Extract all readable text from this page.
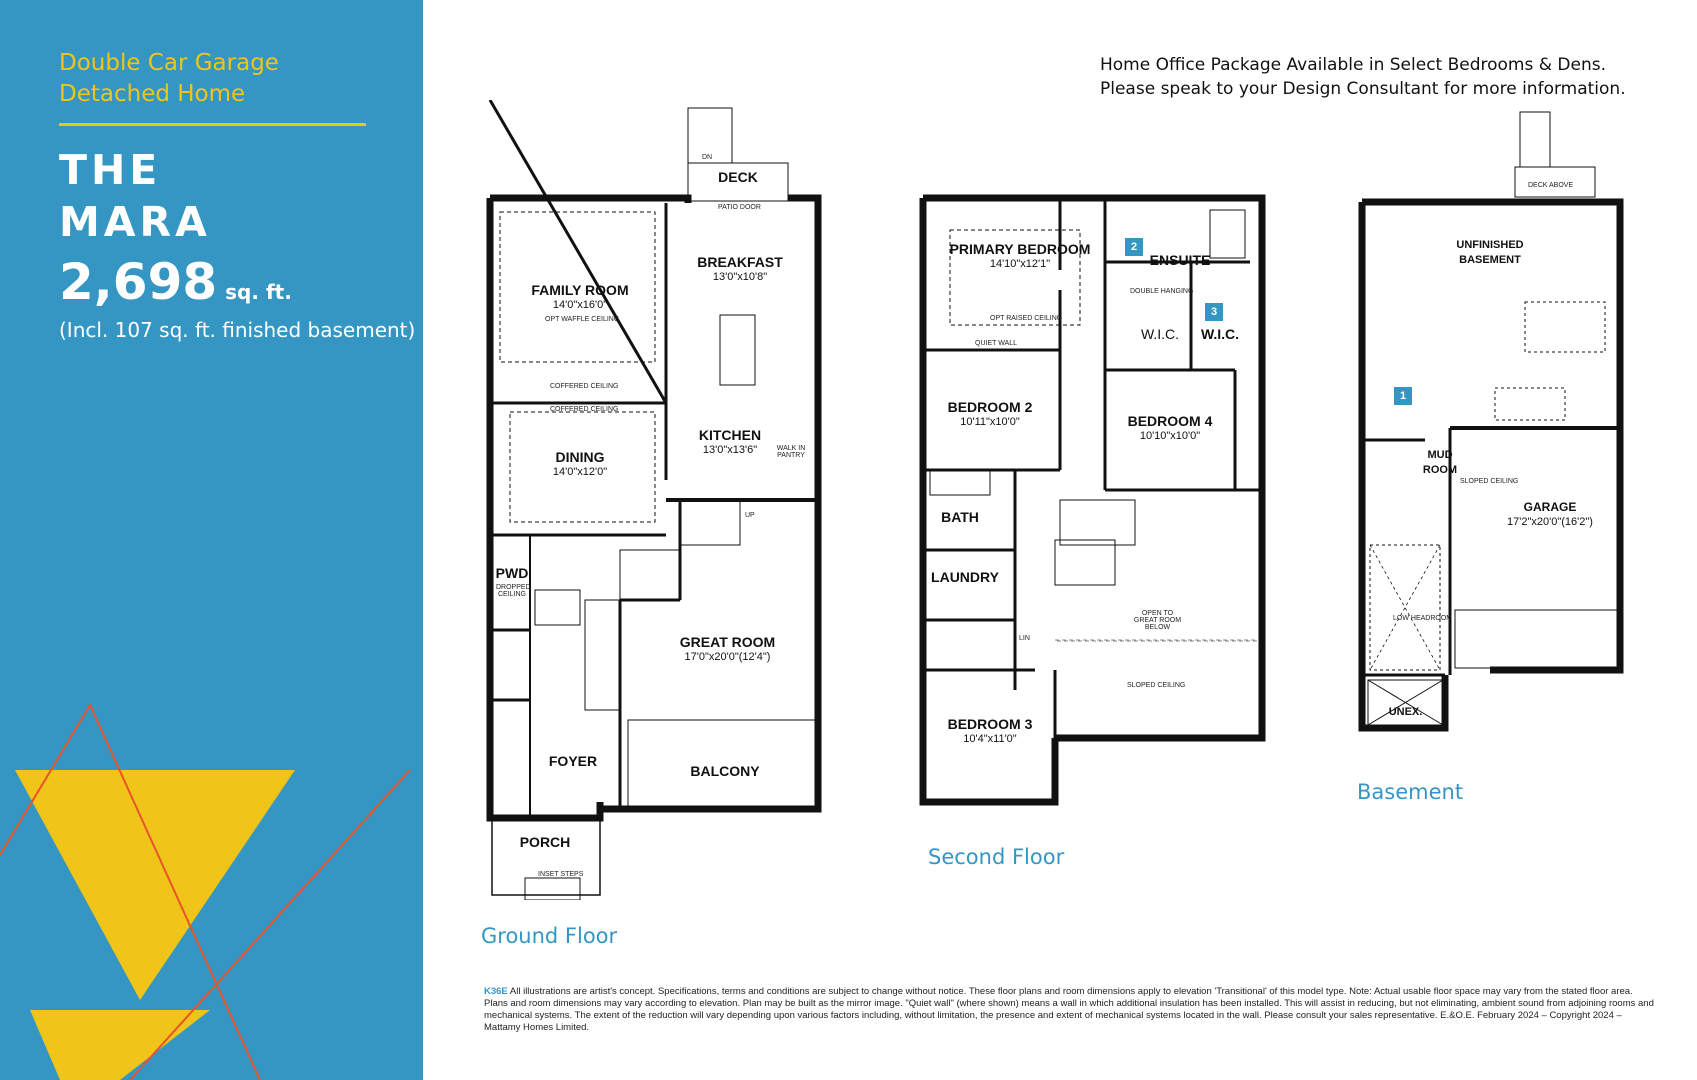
Double Car Garage
Detached Home
THE
MARA
2,698 sq. ft.
(Incl. 107 sq. ft. finished basement)
Home Office Package Available in Select Bedrooms & Dens.
Please speak to your Design Consultant for more information.
DN
DECK
PATIO DOOR
BREAKFAST
13'0"x10'8"
FAMILY ROOM
14'0"x16'0"
OPT WAFFLE CEILING
COFFERED CEILING
COFFERED CEILING
DINING
14'0"x12'0"
KITCHEN
13'0"x13'6"	WALK IN PANTRY
UP
GREAT ROOM
17'0"x20'0"(12'4")
PWD
DROPPED CEILING
FOYER
BALCONY
PORCH
INSET STEPS
Ground Floor
PRIMARY BEDROOM
14'10"x12'1"
OPT RAISED CEILING
QUIET WALL
2
ENSUITE
DOUBLE HANGING
W.I.C.
3
W.I.C.
BEDROOM 2
10'11"x10'0"	BEDROOM 4
10'10"x10'0"
BATH
LAUNDRY
OPEN TO GREAT ROOM BELOW
SLOPED CEILING
BEDROOM 3
10'4"x11'0"
LIN
Second Floor
DECK ABOVE
UNFINISHED
BASEMENT
1
MUD
ROOM
SLOPED CEILING
GARAGE
17'2"x20'0"(16'2")
LOW HEADROOM
UNEX.
Basement
K36E All illustrations are artist's concept. Specifications, terms and conditions are subject to change without notice. These floor plans and room dimensions apply to elevation 'Transitional' of this model type. Note: Actual usable floor space may vary from the stated floor area. Plans and room dimensions may vary according to elevation. Plan may be built as the mirror image. "Quiet wall" (where shown) means a wall in which additional insulation has been installed. This will assist in reducing, but not eliminating, ambient sound from adjoining rooms and mechanical systems. The extent of the reduction will vary depending upon various factors including, without limitation, the presence and extent of mechanical systems located in the wall. Please consult your sales representative. E.&O.E. February 2024 – Copyright 2024 – Mattamy Homes Limited.
